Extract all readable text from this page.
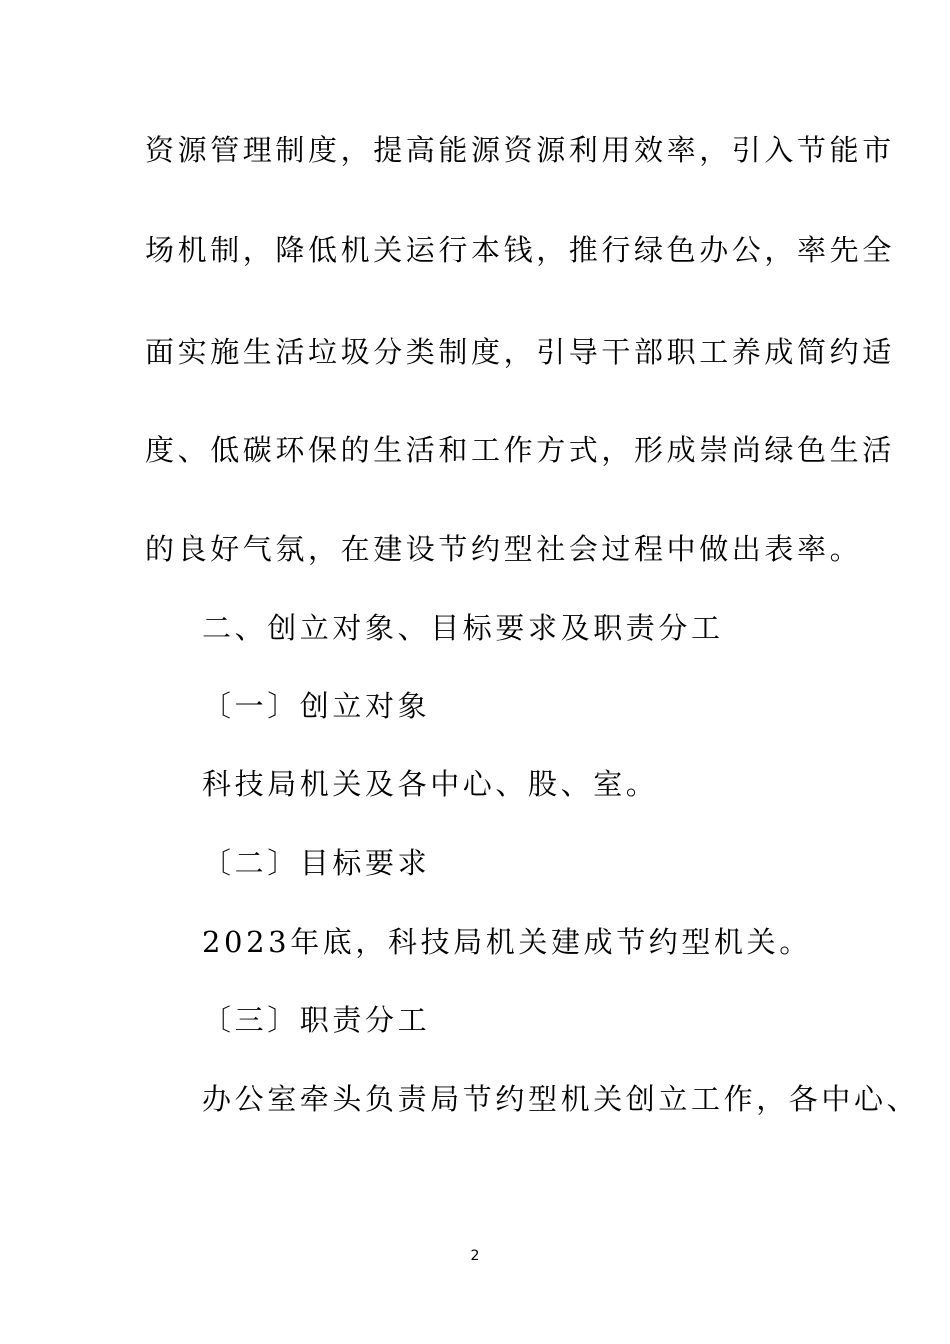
资源管理制度，提高能源资源利用效率，引入节能市
场机制，降低机关运行本钱，推行绿色办公，率先全
面实施生活垃圾分类制度，引导干部职工养成简约适
度、低碳环保的生活和工作方式，形成崇尚绿色生活
的良好气氛，在建设节约型社会过程中做出表率。
二、创立对象、目标要求及职责分工
〔一〕创立对象
科技局机关及各中心、股、室。
〔二〕目标要求
2023年底，科技局机关建成节约型机关。
〔三〕职责分工
办公室牵头负责局节约型机关创立工作，各中心、
2
